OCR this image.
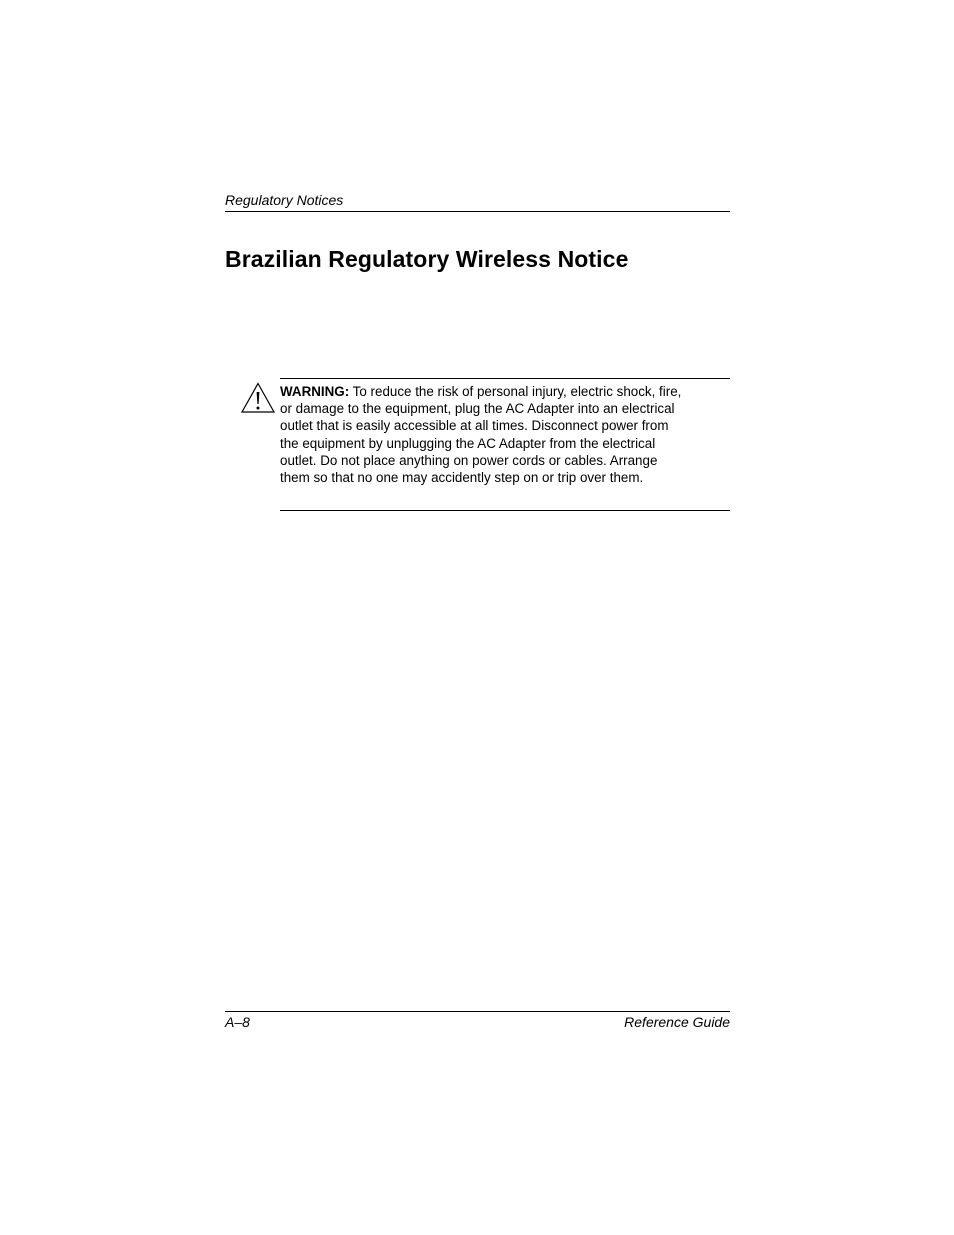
Regulatory Notices
Brazilian Regulatory Wireless Notice

WARNING: To reduce the risk of personal injury, electric shock, fire, or damage to the equipment, plug the AC Adapter into an electrical outlet that is easily accessible at all times. Disconnect power from the equipment by unplugging the AC Adapter from the electrical outlet. Do not place anything on power cords or cables. Arrange them so that no one may accidently step on or trip over them.

A–8	Reference Guide
